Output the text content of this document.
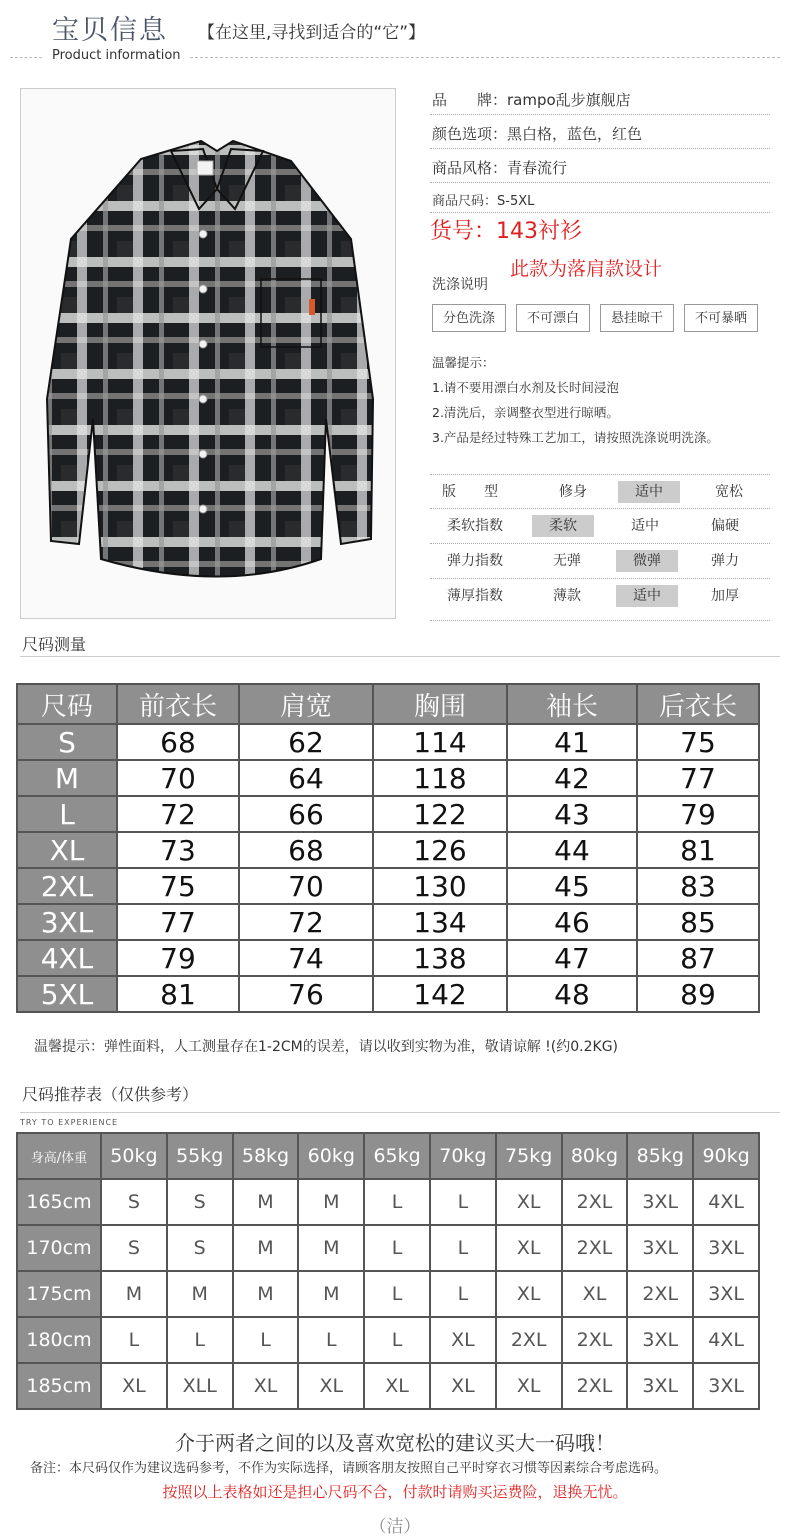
宝贝信息 【在这里,寻找到适合的“它”】
Product information
品　　牌：rampo乱步旗舰店
颜色选项：黑白格，蓝色，红色
商品风格：青春流行
商品尺码：S-5XL
货号：143衬衫
此款为落肩款设计
洗涤说明
分色洗涤	不可漂白	悬挂晾干	不可暴晒
温馨提示：
1.请不要用漂白水剂及长时间浸泡
2.清洗后，亲调整衣型进行晾晒。
3.产品是经过特殊工艺加工，请按照洗涤说明洗涤。
版　　型	修身	适中	宽松
柔软指数	柔软	适中	偏硬
弹力指数	无弹	微弹	弹力
薄厚指数	薄款	适中	加厚
尺码测量
尺码	前衣长	肩宽	胸围	袖长	后衣长
S	68	62	114	41	75
M	70	64	118	42	77
L	72	66	122	43	79
XL	73	68	126	44	81
2XL	75	70	130	45	83
3XL	77	72	134	46	85
4XL	79	74	138	47	87
5XL	81	76	142	48	89
温馨提示：弹性面料，人工测量存在1-2CM的误差，请以收到实物为准，敬请谅解 !(约0.2KG)
尺码推荐表（仅供参考）
TRY TO EXPERIENCE
身高/体重	50kg	55kg	58kg	60kg	65kg	70kg	75kg	80kg	85kg	90kg
165cm	S	S	M	M	L	L	XL	2XL	3XL	4XL
170cm	S	S	M	M	L	L	XL	2XL	3XL	3XL
175cm	M	M	M	M	L	L	XL	XL	2XL	3XL
180cm	L	L	L	L	L	XL	2XL	2XL	3XL	4XL
185cm	XL	XLL	XL	XL	XL	XL	XL	2XL	3XL	3XL
介于两者之间的以及喜欢宽松的建议买大一码哦！
备注：本尺码仅作为建议选码参考，不作为实际选择，请顾客朋友按照自己平时穿衣习惯等因素综合考虑选码。
按照以上表格如还是担心尺码不合，付款时请购买运费险，退换无忧。
（洁）
